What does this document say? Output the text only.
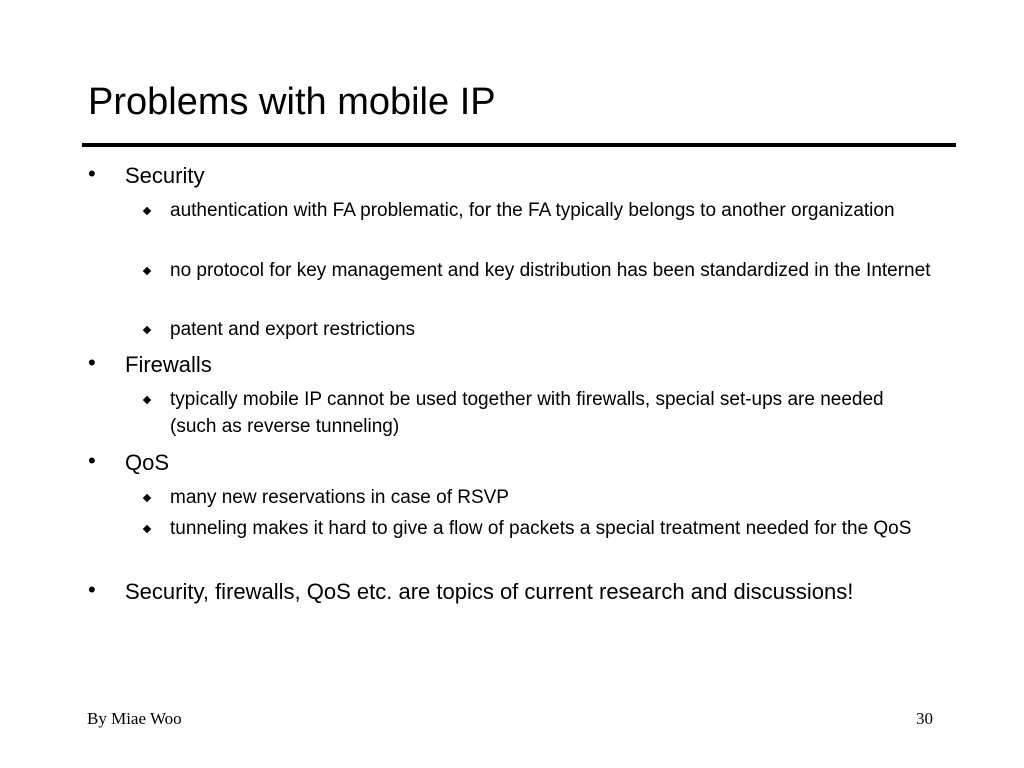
Problems with mobile IP
• Security
authentication with FA problematic, for the FA typically belongs to another organization
no protocol for key management and key distribution has been standardized in the Internet
patent and export restrictions
• Firewalls
typically mobile IP cannot be used together with firewalls, special set-ups are needed (such as reverse tunneling)
• QoS
many new reservations in case of RSVP
tunneling makes it hard to give a flow of packets a special treatment needed for the QoS
• Security, firewalls, QoS etc. are topics of current research and discussions!
By Miae Woo	30
